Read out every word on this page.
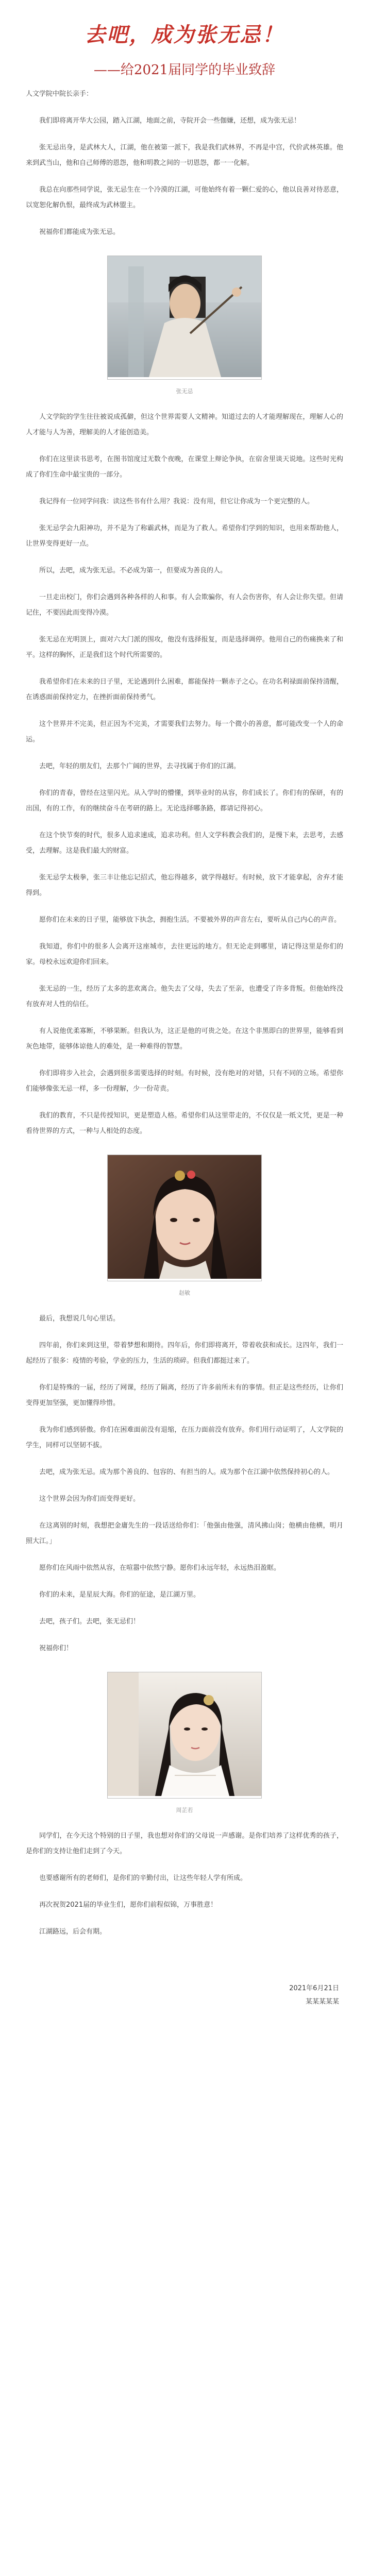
去吧，成为张无忌！
——给2021届同学的毕业致辞

人文学院中院长亲手：

我们即将离开华大公园，踏入江湖，地面之前，寺院开会一些伽嫌，还想，成为张无忌！

张无忌出身，是武林大人，江湖，他在被第一派下，我是我们武林界，不再是中宫，代价武林英雄。他来到武当山，他和自己师傅的恩怨，他和明教之间的一切恩怨，都一一化解。

我总在向那些同学说，张无忌生在一个冷漠的江湖，可他始终有着一颗仁爱的心，他以良善对待恶意，以宽恕化解仇恨，最终成为武林盟主。

祝福你们都能成为张无忌。

张无忌

人文学院的学生往往被说成孤僻，但这个世界需要人文精神。知道过去的人才能理解现在，理解人心的人才能与人为善，理解美的人才能创造美。

你们在这里读书思考，在图书馆度过无数个夜晚，在课堂上辩论争执，在宿舍里谈天说地。这些时光构成了你们生命中最宝贵的一部分。

我记得有一位同学问我：读这些书有什么用？我说：没有用，但它让你成为一个更完整的人。

张无忌学会九阳神功，并不是为了称霸武林，而是为了救人。希望你们学到的知识，也用来帮助他人，让世界变得更好一点。

所以，去吧，成为张无忌。不必成为第一，但要成为善良的人。

一旦走出校门，你们会遇到各种各样的人和事。有人会欺骗你，有人会伤害你，有人会让你失望。但请记住，不要因此而变得冷漠。

张无忌在光明顶上，面对六大门派的围攻，他没有选择报复，而是选择调停。他用自己的伤痛换来了和平。这样的胸怀，正是我们这个时代所需要的。

我希望你们在未来的日子里，无论遇到什么困难，都能保持一颗赤子之心。在功名利禄面前保持清醒，在诱惑面前保持定力，在挫折面前保持勇气。

这个世界并不完美，但正因为不完美，才需要我们去努力。每一个微小的善意，都可能改变一个人的命运。

去吧，年轻的朋友们，去那个广阔的世界，去寻找属于你们的江湖。

你们的青春，曾经在这里闪光。从入学时的懵懂，到毕业时的从容，你们成长了。你们有的保研，有的出国，有的工作，有的继续奋斗在考研的路上。无论选择哪条路，都请记得初心。

在这个快节奏的时代，很多人追求速成，追求功利。但人文学科教会我们的，是慢下来，去思考，去感受，去理解。这是我们最大的财富。

张无忌学太极拳，张三丰让他忘记招式，他忘得越多，就学得越好。有时候，放下才能拿起，舍弃才能得到。

愿你们在未来的日子里，能够放下执念，拥抱生活。不要被外界的声音左右，要听从自己内心的声音。

我知道，你们中的很多人会离开这座城市，去往更远的地方。但无论走到哪里，请记得这里是你们的家。母校永远欢迎你们回来。

张无忌的一生，经历了太多的悲欢离合。他失去了父母，失去了至亲，也遭受了许多背叛。但他始终没有放弃对人性的信任。

有人说他优柔寡断，不够果断。但我认为，这正是他的可贵之处。在这个非黑即白的世界里，能够看到灰色地带，能够体谅他人的难处，是一种难得的智慧。

你们即将步入社会，会遇到很多需要选择的时刻。有时候，没有绝对的对错，只有不同的立场。希望你们能够像张无忌一样，多一份理解，少一份苛责。

我们的教育，不只是传授知识，更是塑造人格。希望你们从这里带走的，不仅仅是一纸文凭，更是一种看待世界的方式，一种与人相处的态度。

赵敏

最后，我想说几句心里话。

四年前，你们来到这里，带着梦想和期待。四年后，你们即将离开，带着收获和成长。这四年，我们一起经历了很多：疫情的考验，学业的压力，生活的琐碎。但我们都挺过来了。

你们是特殊的一届，经历了网课，经历了隔离，经历了许多前所未有的事情。但正是这些经历，让你们变得更加坚强，更加懂得珍惜。

我为你们感到骄傲。你们在困难面前没有退缩，在压力面前没有放弃。你们用行动证明了，人文学院的学生，同样可以坚韧不拔。

去吧，成为张无忌。成为那个善良的、包容的、有担当的人。成为那个在江湖中依然保持初心的人。

这个世界会因为你们而变得更好。

在这离别的时刻，我想把金庸先生的一段话送给你们：「他强由他强，清风拂山岗；他横由他横，明月照大江。」

愿你们在风雨中依然从容，在喧嚣中依然宁静。愿你们永远年轻，永远热泪盈眶。

你们的未来，是星辰大海。你们的征途，是江湖万里。

去吧，孩子们。去吧，张无忌们！

祝福你们！

周芷若

同学们，在今天这个特别的日子里，我也想对你们的父母说一声感谢。是你们培养了这样优秀的孩子，是你们的支持让他们走到了今天。

也要感谢所有的老师们，是你们的辛勤付出，让这些年轻人学有所成。

再次祝贺2021届的毕业生们，愿你们前程似锦，万事胜意！

江湖路远，后会有期。

2021年6月21日
某某某某某
